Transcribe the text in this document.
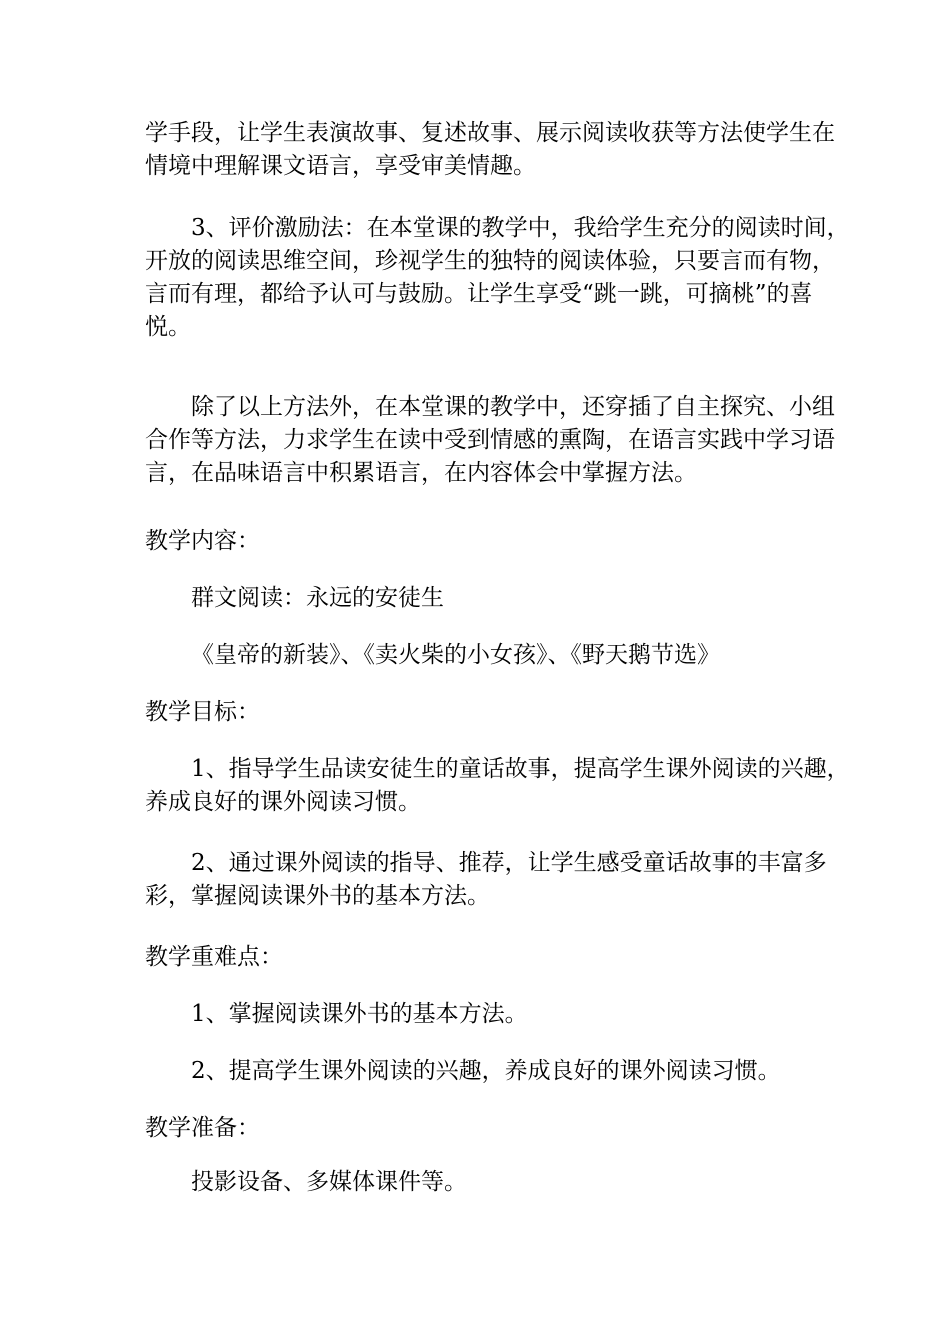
学手段，让学生表演故事、复述故事、展示阅读收获等方法使学生在
情境中理解课文语言，享受审美情趣。
3、评价激励法：在本堂课的教学中，我给学生充分的阅读时间，
开放的阅读思维空间，珍视学生的独特的阅读体验，只要言而有物，
言而有理，都给予认可与鼓励。让学生享受“跳一跳，可摘桃”的喜
悦。
除了以上方法外，在本堂课的教学中，还穿插了自主探究、小组
合作等方法，力求学生在读中受到情感的熏陶，在语言实践中学习语
言，在品味语言中积累语言，在内容体会中掌握方法。
教学内容：
群文阅读：永远的安徒生
《皇帝的新装》、《卖火柴的小女孩》、《野天鹅节选》
教学目标：
1、指导学生品读安徒生的童话故事，提高学生课外阅读的兴趣，
养成良好的课外阅读习惯。
2、通过课外阅读的指导、推荐，让学生感受童话故事的丰富多
彩，掌握阅读课外书的基本方法。
教学重难点：
1、掌握阅读课外书的基本方法。
2、提高学生课外阅读的兴趣，养成良好的课外阅读习惯。
教学准备：
投影设备、多媒体课件等。
